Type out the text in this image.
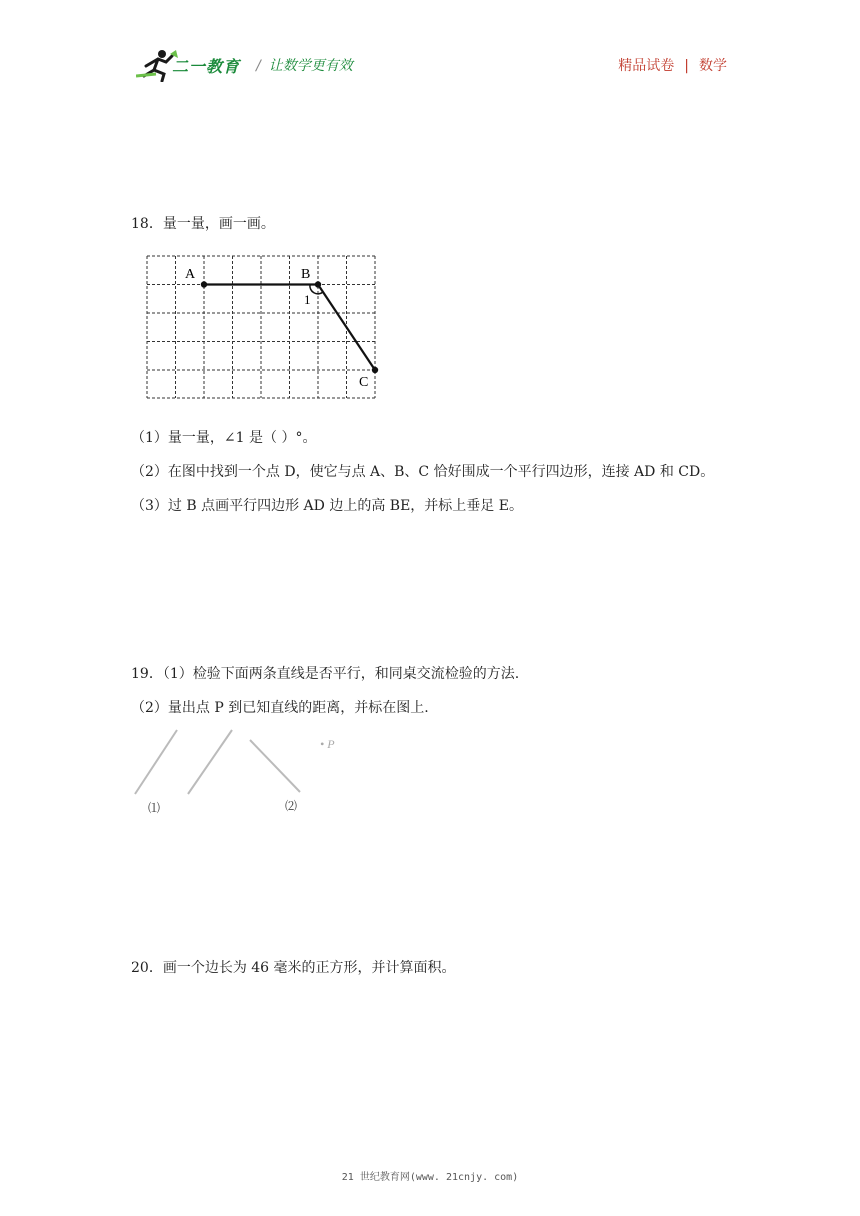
二一教育 / 让数学更有效	精品试卷 | 数学
18．量一量，画一画。
A	B
1
C
（1）量一量，∠1 是（ ）°。
（2）在图中找到一个点 D，使它与点 A、B、C 恰好围成一个平行四边形，连接 AD 和 CD。
（3）过 B 点画平行四边形 AD 边上的高 BE，并标上垂足 E。
19．（1）检验下面两条直线是否平行，和同桌交流检验的方法.
（2）量出点 P 到已知直线的距离，并标在图上.
• P
⑴	⑵
20．画一个边长为 46 毫米的正方形，并计算面积。
21 世纪教育网(www. 21cnjy. com)
